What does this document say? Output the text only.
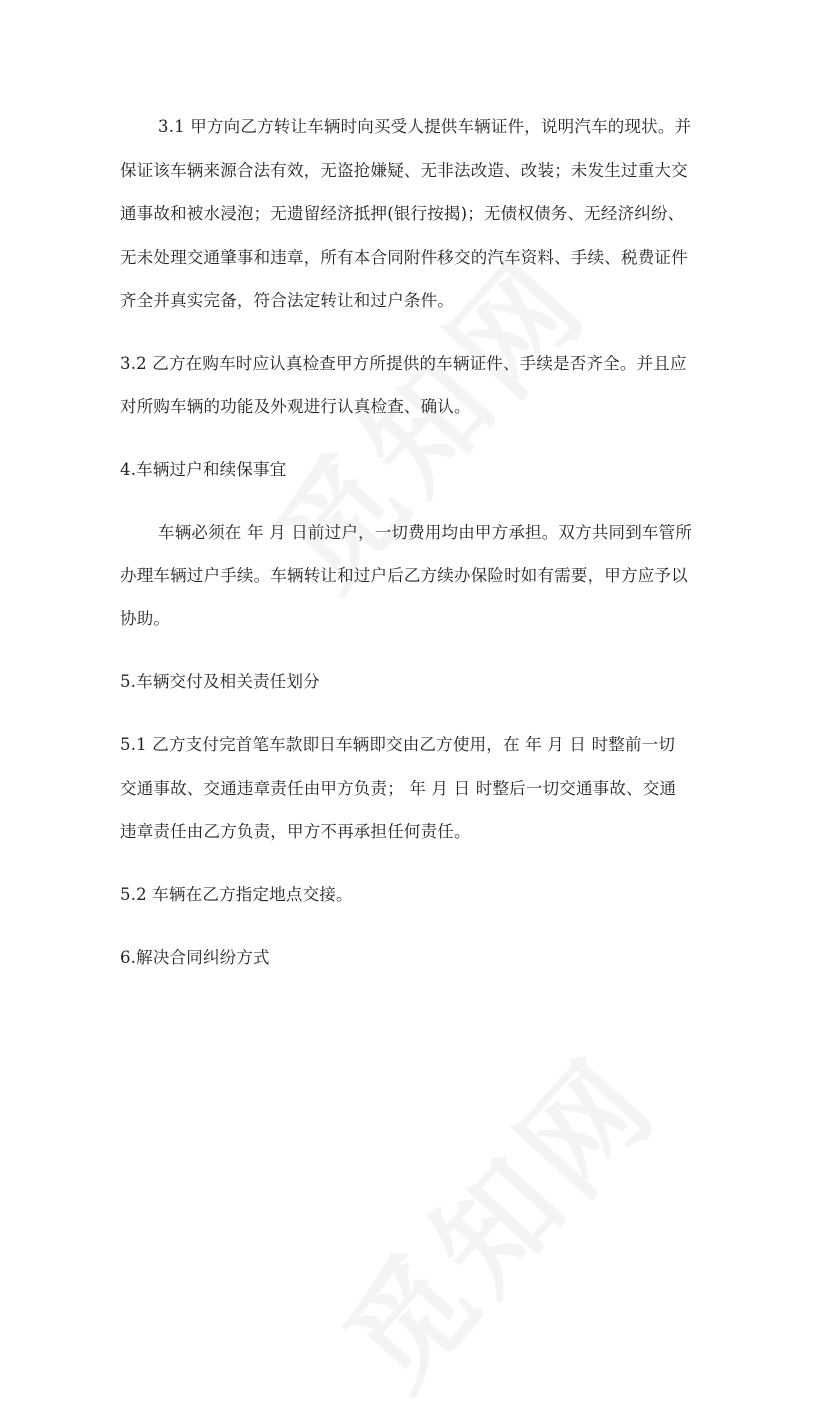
3.1 甲方向乙方转让车辆时向买受人提供车辆证件，说明汽车的现状。并
保证该车辆来源合法有效，无盗抢嫌疑、无非法改造、改装；未发生过重大交
通事故和被水浸泡；无遗留经济抵押(银行按揭)；无债权债务、无经济纠纷、
无未处理交通肇事和违章，所有本合同附件移交的汽车资料、手续、税费证件
齐全并真实完备，符合法定转让和过户条件。
3.2 乙方在购车时应认真检查甲方所提供的车辆证件、手续是否齐全。并且应
对所购车辆的功能及外观进行认真检查、确认。
4.车辆过户和续保事宜
车辆必须在 年 月 日前过户，一切费用均由甲方承担。双方共同到车管所
办理车辆过户手续。车辆转让和过户后乙方续办保险时如有需要，甲方应予以
协助。
5.车辆交付及相关责任划分
5.1 乙方支付完首笔车款即日车辆即交由乙方使用，在 年 月 日 时整前一切
交通事故、交通违章责任由甲方负责； 年 月 日 时整后一切交通事故、交通
违章责任由乙方负责，甲方不再承担任何责任。
5.2 车辆在乙方指定地点交接。
6.解决合同纠纷方式
